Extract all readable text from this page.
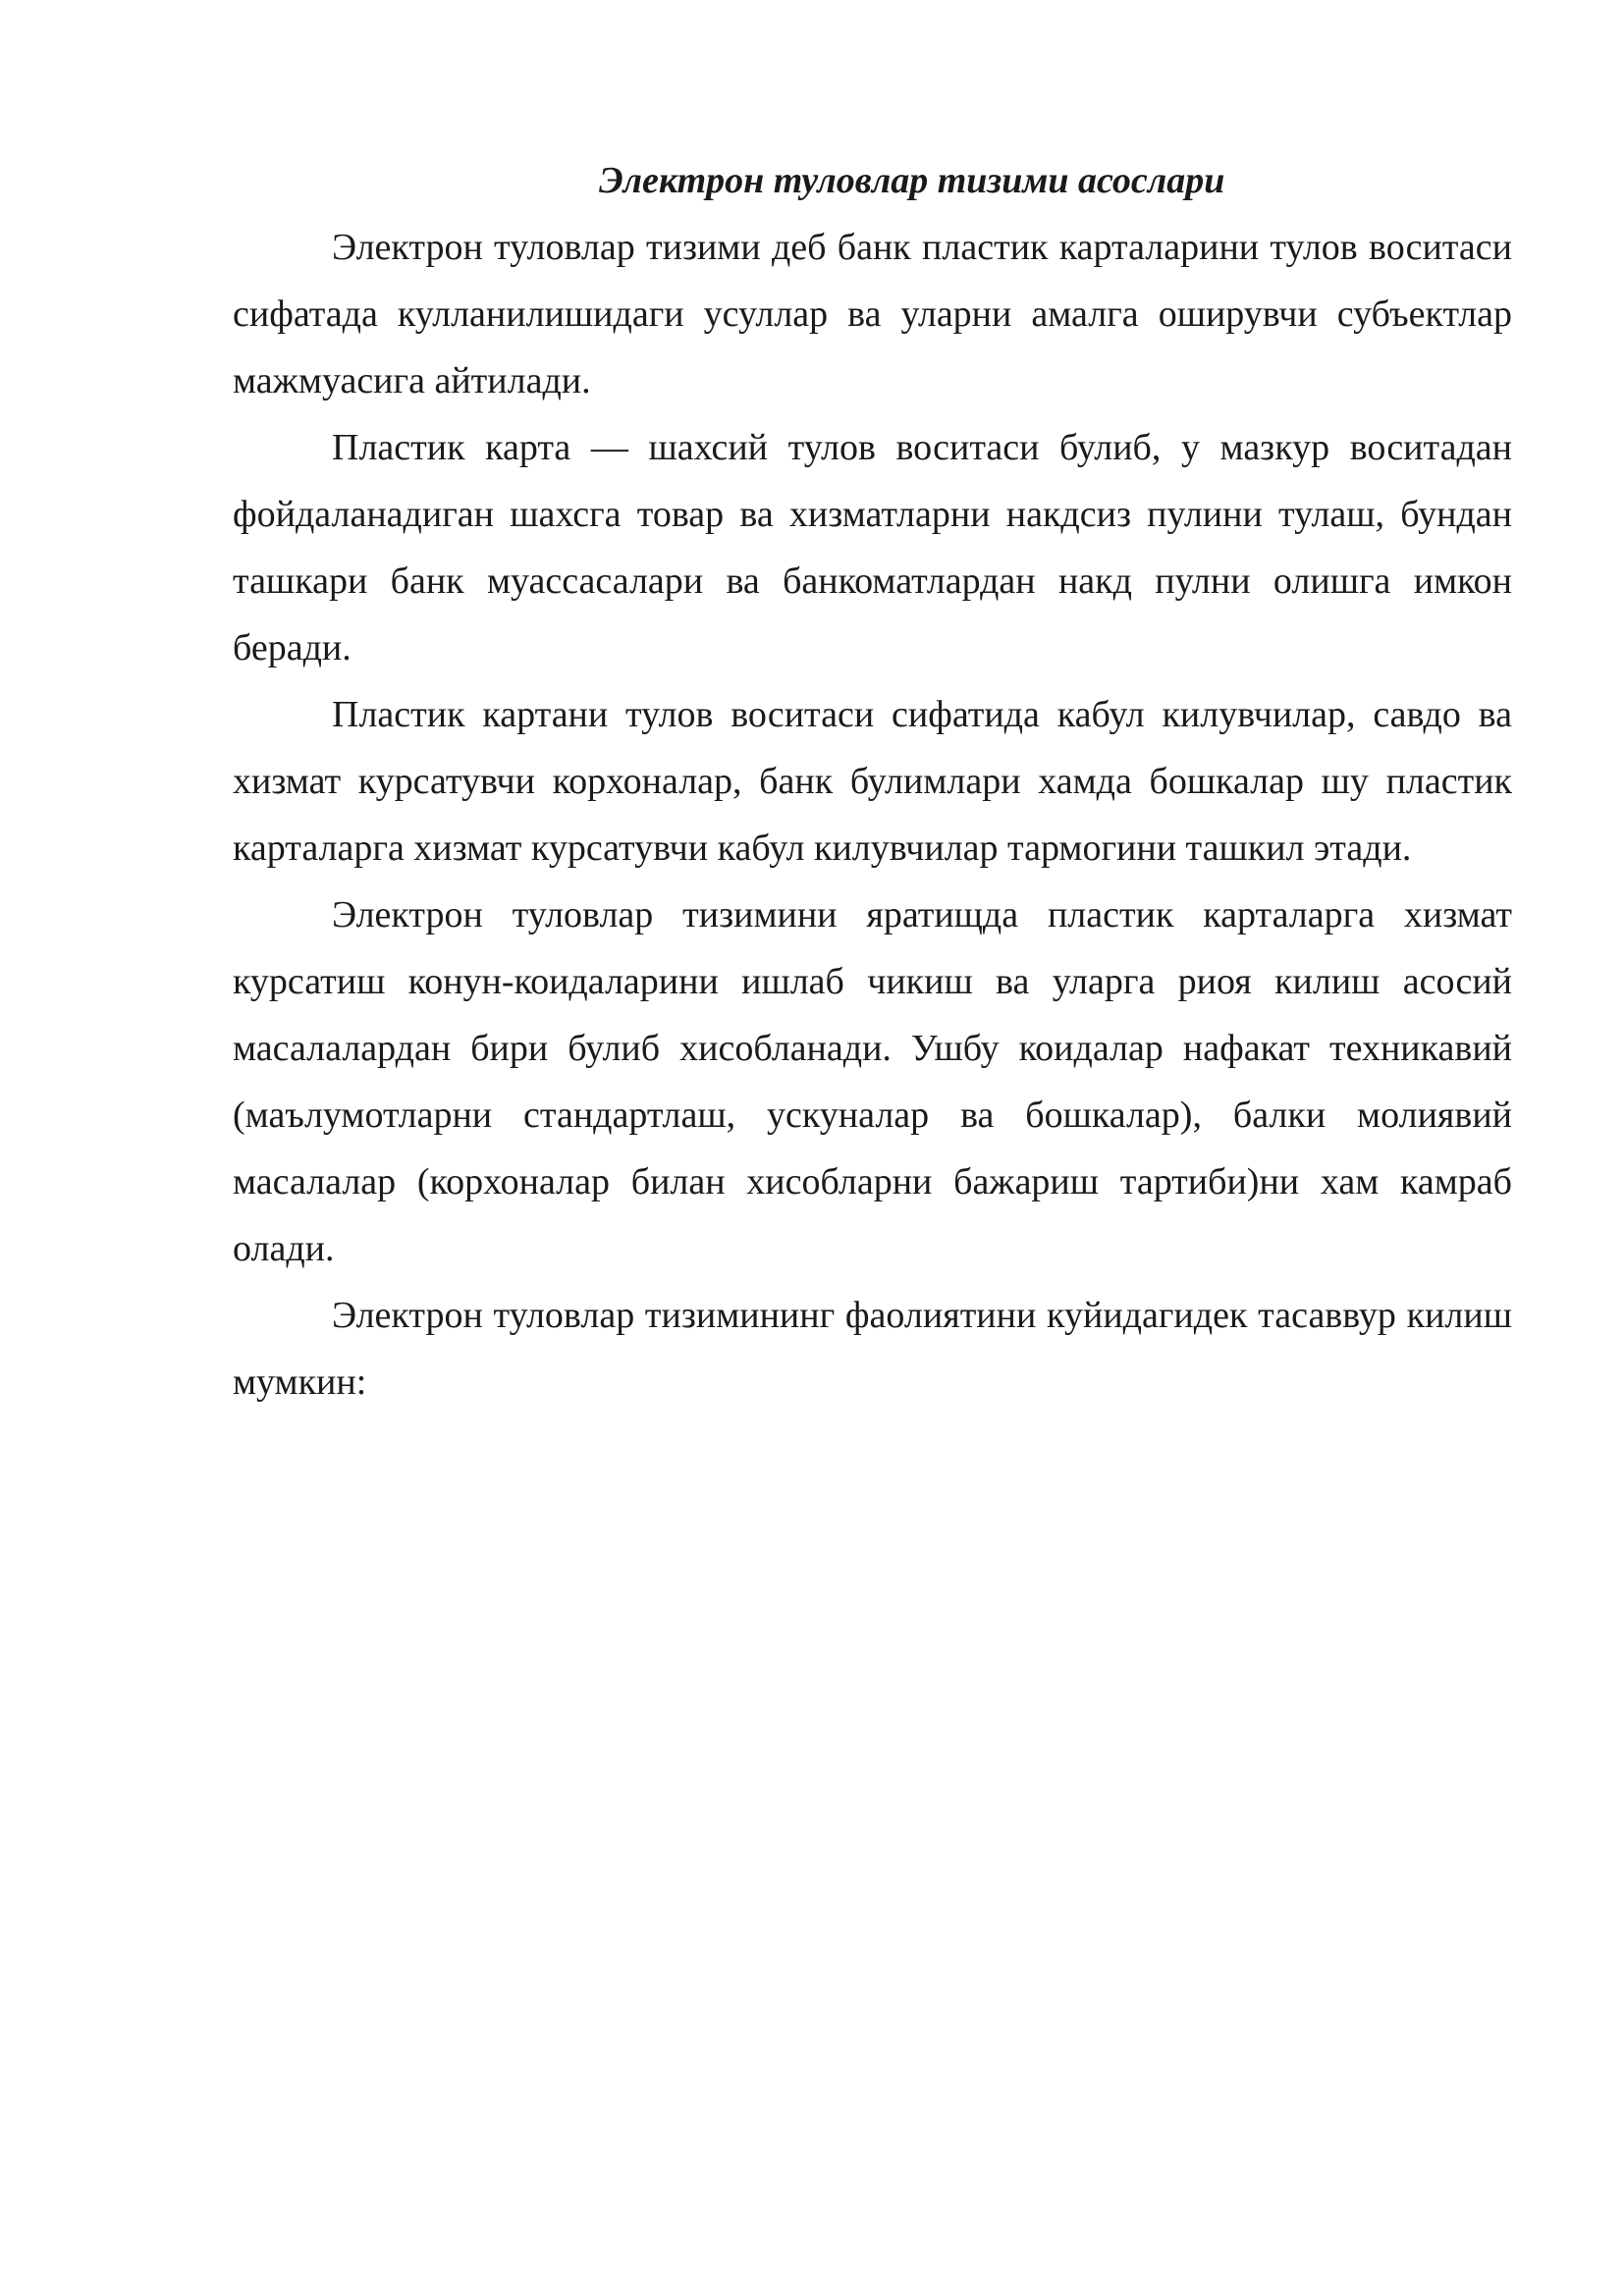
Электрон туловлар тизими асослари

Электрон туловлар тизими деб банк пластик карталарини тулов воситаси сифатада кулланилишидаги усуллар ва уларни амалга оширувчи субъектлар мажмуасига айтилади.

Пластик карта — шахсий тулов воситаси булиб, у мазкур воситадан фойдаланадиган шахсга товар ва хизматларни накдсиз пулини тулаш, бундан ташкари банк муассасалари ва банкоматлардан накд пулни олишга имкон беради.

Пластик картани тулов воситаси сифатида кабул килувчилар, савдо ва хизмат курсатувчи корхоналар, банк булимлари хамда бошкалар шу пластик карталарга хизмат курсатувчи кабул килувчилар тармогини ташкил этади.

Электрон туловлар тизимини яратищда пластик карталарга хизмат курсатиш конун-коидаларини ишлаб чикиш ва уларга риоя килиш асосий масалалардан бири булиб хисобланади. Ушбу коидалар нафакат техникавий (маълумотларни стандартлаш, ускуналар ва бошкалар), балки молиявий масалалар (корхоналар билан хисобларни бажариш тартиби)ни хам камраб олади.

Электрон туловлар тизимининг фаолиятини куйидагидек тасаввур килиш мумкин:
